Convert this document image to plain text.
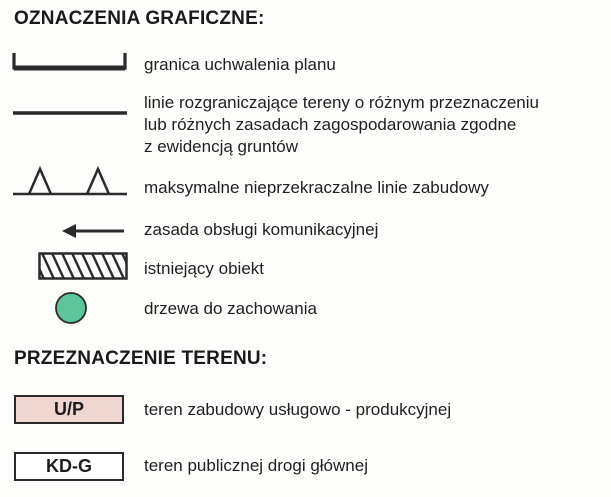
OZNACZENIA GRAFICZNE:
granica uchwalenia planu
linie rozgraniczające tereny o różnym przeznaczeniu
lub różnych zasadach zagospodarowania zgodne
z ewidencją gruntów
maksymalne nieprzekraczalne linie zabudowy
zasada obsługi komunikacyjnej
istniejący obiekt
drzewa do zachowania
PRZEZNACZENIE TERENU:
U/P	teren zabudowy usługowo - produkcyjnej
KD-G	teren publicznej drogi głównej
